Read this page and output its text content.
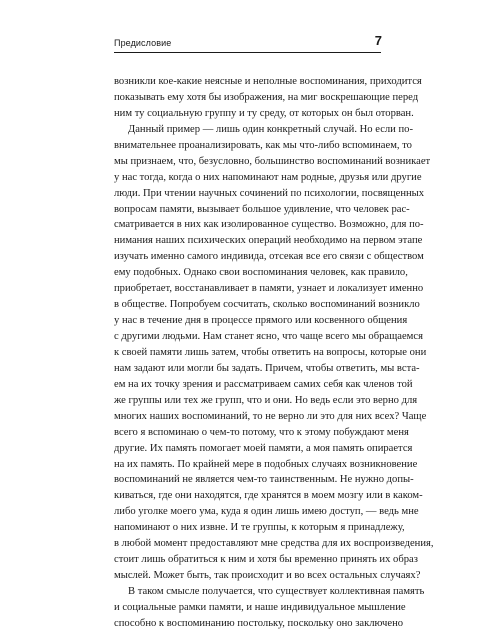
Предисловие	7
возникли кое-какие неясные и неполные воспоминания, приходится
показывать ему хотя бы изображения, на миг воскрешающие перед
ним ту социальную группу и ту среду, от которых он был оторван.
Данный пример — лишь один конкретный случай. Но если по-
внимательнее проанализировать, как мы что-либо вспоминаем, то
мы признаем, что, безусловно, большинство воспоминаний возникает
у нас тогда, когда о них напоминают нам родные, друзья или другие
люди. При чтении научных сочинений по психологии, посвященных
вопросам памяти, вызывает большое удивление, что человек рас-
сматривается в них как изолированное существо. Возможно, для по-
нимания наших психических операций необходимо на первом этапе
изучать именно самого индивида, отсекая все его связи с обществом
ему подобных. Однако свои воспоминания человек, как правило,
приобретает, восстанавливает в памяти, узнает и локализует именно
в обществе. Попробуем сосчитать, сколько воспоминаний возникло
у нас в течение дня в процессе прямого или косвенного общения
с другими людьми. Нам станет ясно, что чаще всего мы обращаемся
к своей памяти лишь затем, чтобы ответить на вопросы, которые они
нам задают или могли бы задать. Причем, чтобы ответить, мы вста-
ем на их точку зрения и рассматриваем самих себя как членов той
же группы или тех же групп, что и они. Но ведь если это верно для
многих наших воспоминаний, то не верно ли это для них всех? Чаще
всего я вспоминаю о чем-то потому, что к этому побуждают меня
другие. Их память помогает моей памяти, а моя память опирается
на их память. По крайней мере в подобных случаях возникновение
воспоминаний не является чем-то таинственным. Не нужно допы-
киваться, где они находятся, где хранятся в моем мозгу или в каком-
либо уголке моего ума, куда я один лишь имею доступ, — ведь мне
напоминают о них извне. И те группы, к которым я принадлежу,
в любой момент предоставляют мне средства для их воспроизведения,
стоит лишь обратиться к ним и хотя бы временно принять их образ
мыслей. Может быть, так происходит и во всех остальных случаях?
В таком смысле получается, что существует коллективная память
и социальные рамки памяти, и наше индивидуальное мышление
способно к воспоминанию постольку, поскольку оно заключено
